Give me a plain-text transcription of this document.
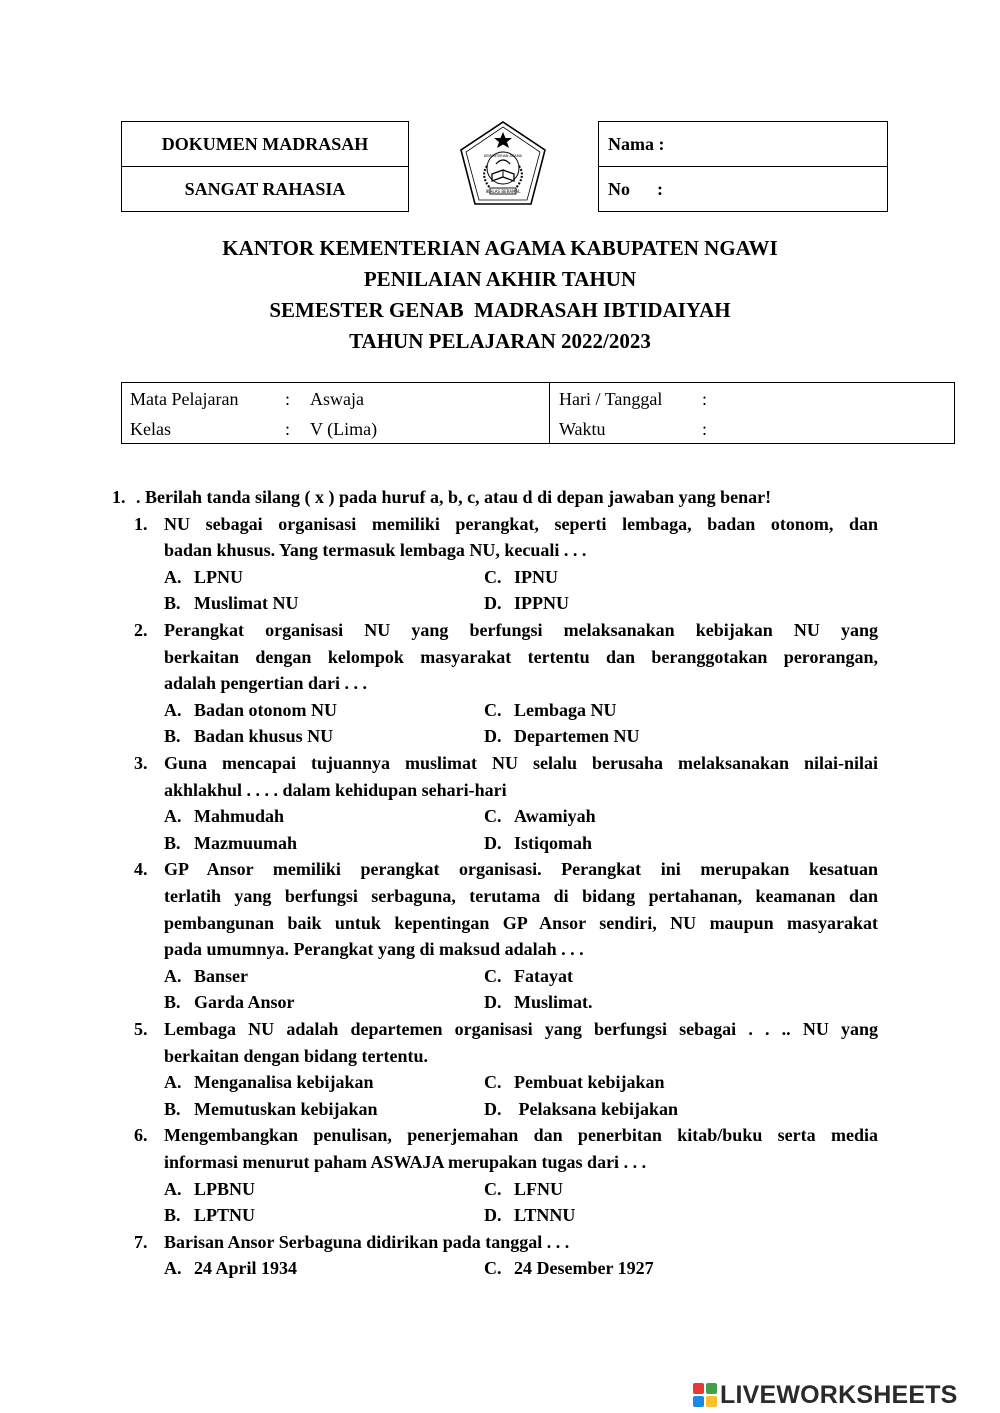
DOKUMEN MADRASAH
SANGAT RAHASIA	IKHLAS BERAMAL
KEMENTERIAN AGAMA
Nama :
No      :
KANTOR KEMENTERIAN AGAMA KABUPATEN NGAWI
PENILAIAN AKHIR TAHUN
SEMESTER GENAB  MADRASAH IBTIDAIYAH
TAHUN PELAJARAN 2022/2023
Mata Pelajaran	: Aswaja	Hari / Tanggal :
Kelas	: V (Lima)	Waktu	:
1. . Berilah tanda silang ( x ) pada huruf a, b, c, atau d di depan jawaban yang benar!
1. NU sebagai organisasi memiliki perangkat, seperti lembaga, badan otonom, dan
badan khusus. Yang termasuk lembaga NU, kecuali . . .
A. LPNU	C. IPNU
B. Muslimat NU	D. IPPNU
2. Perangkat organisasi NU yang berfungsi melaksanakan kebijakan NU yang
berkaitan dengan kelompok masyarakat tertentu dan beranggotakan perorangan,
adalah pengertian dari . . .
A. Badan otonom NU	C. Lembaga NU
B. Badan khusus NU	D. Departemen NU
3. Guna mencapai tujuannya muslimat NU selalu berusaha melaksanakan nilai-nilai
akhlakhul . . . . dalam kehidupan sehari-hari
A. Mahmudah	C. Awamiyah
B. Mazmuumah	D. Istiqomah
4. GP Ansor memiliki perangkat organisasi. Perangkat ini merupakan kesatuan
terlatih yang berfungsi serbaguna, terutama di bidang pertahanan, keamanan dan
pembangunan baik untuk kepentingan GP Ansor sendiri, NU maupun masyarakat
pada umumnya. Perangkat yang di maksud adalah . . .
A. Banser	C. Fatayat
B. Garda Ansor	D. Muslimat.
5. Lembaga NU adalah departemen organisasi yang berfungsi sebagai . . .. NU yang
berkaitan dengan bidang tertentu.
A. Menganalisa kebijakan	C. Pembuat kebijakan
B. Memutuskan kebijakan	D. Pelaksana kebijakan
6. Mengembangkan penulisan, penerjemahan dan penerbitan kitab/buku serta media
informasi menurut paham ASWAJA merupakan tugas dari . . .
A. LPBNU	C. LFNU
B. LPTNU	D. LTNNU
7. Barisan Ansor Serbaguna didirikan pada tanggal . . .
A. 24 April 1934	C. 24 Desember 1927
LIVEWORKSHEETS
